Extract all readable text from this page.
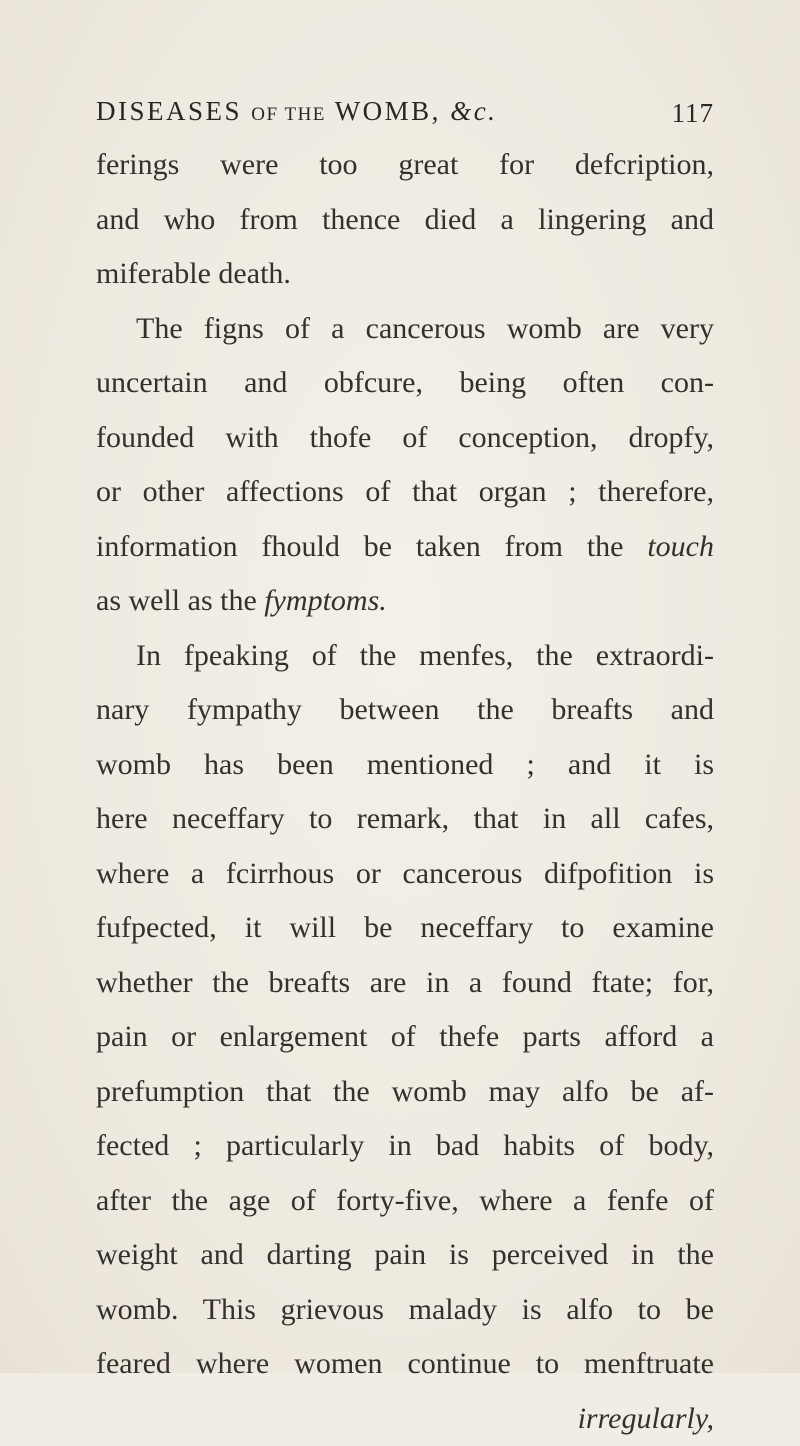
DISEASES OF THE WOMB, &c.	117
ferings were too great for defcription,
and who from thence died a lingering and
miferable death.
The figns of a cancerous womb are very
uncertain and obfcure, being often con-
founded with thofe of conception, dropfy,
or other affections of that organ ; therefore,
information fhould be taken from the touch
as well as the fymptoms.
In fpeaking of the menfes, the extraordi-
nary fympathy between the breafts and
womb has been mentioned ; and it is
here neceffary to remark, that in all cafes,
where a fcirrhous or cancerous difpofition is
fufpected, it will be neceffary to examine
whether the breafts are in a found ftate; for,
pain or enlargement of thefe parts afford a
prefumption that the womb may alfo be af-
fected ; particularly in bad habits of body,
after the age of forty-five, where a fenfe of
weight and darting pain is perceived in the
womb. This grievous malady is alfo to be
feared where women continue to menftruate
irregularly,
